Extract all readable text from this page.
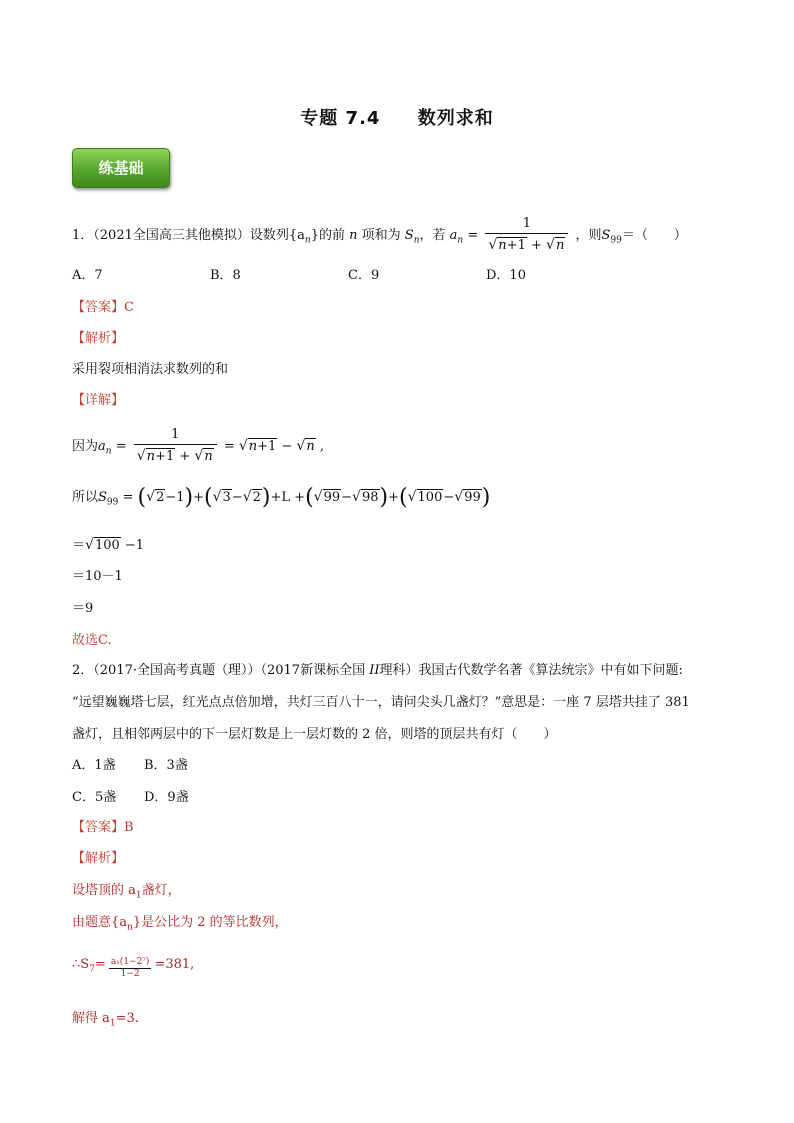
专题 7.4 数列求和
练基础
1．（2021全国高三其他模拟）设数列$\{a_n\}$的前 n 项和为 $S_n$，若 $a_n = \frac{1}{√n+1 + √n}$ ，则$S_{99}=$（　　）
A．7	B．8	C．9	D．10
【答案】C
【解析】
采用裂项相消法求数列的和
【详解】
因为$a_n = \frac{1}{√n+1 + √n} = √n+1 - √n$ ,
所以$S_{99} = (√2-1)+(√3-√2)+L +(√99-√98)+(√100-√99)$
＝√100 −1
＝10－1
＝9
故选C.
2．（2017·全国高考真题（理））（2017新课标全国 II理科）我国古代数学名著《算法统宗》中有如下问题:
“远望巍巍塔七层，红光点点倍加增，共灯三百八十一，请问尖头几盏灯？”意思是：一座 7 层塔共挂了 381
盏灯，且相邻两层中的下一层灯数是上一层灯数的 2 倍，则塔的顶层共有灯（　　）
A．1盏 B．3盏
C．5盏 D．9盏
【答案】B
【解析】
设塔顶的 $a_1$盏灯，
由题意$\{a_n\}$是公比为 2 的等比数列，
$\therefore S_7= \frac{\text{a₁(1−2⁷)}}{1-2} =381$,
解得 $a_1=3$.
